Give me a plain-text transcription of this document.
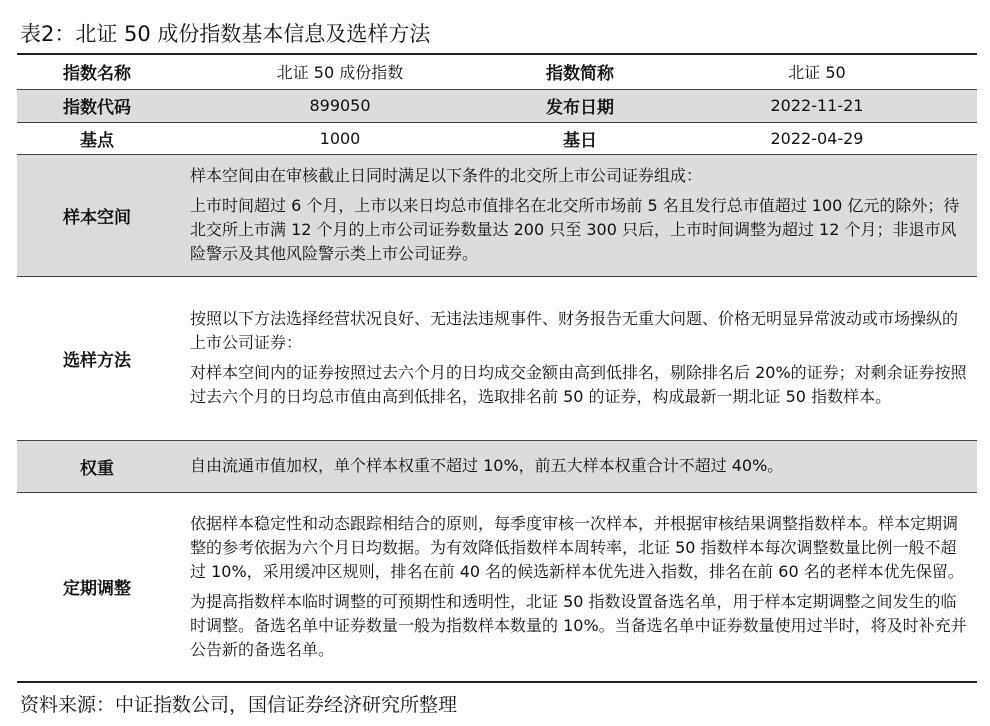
表2：北证 50 成份指数基本信息及选样方法
指数名称	北证 50 成份指数	指数简称	北证 50
指数代码	899050	发布日期	2022-11-21
基点	1000	基日	2022-04-29
样本空间	样本空间由在审核截止日同时满足以下条件的北交所上市公司证券组成：

上市时间超过 6 个月，上市以来日均总市值排名在北交所市场前 5 名且发行总市值超过 100 亿元的除外；待北交所上市满 12 个月的上市公司证券数量达 200 只至 300 只后，上市时间调整为超过 12 个月；非退市风险警示及其他风险警示类上市公司证券。		

选样方法	按照以下方法选择经营状况良好、无违法违规事件、财务报告无重大问题、价格无明显异常波动或市场操纵的上市公司证券：

对样本空间内的证券按照过去六个月的日均成交金额由高到低排名，剔除排名后 20%的证券；对剩余证券按照过去六个月的日均总市值由高到低排名，选取排名前 50 的证券，构成最新一期北证 50 指数样本。		

权重	自由流通市值加权，单个样本权重不超过 10%，前五大样本权重合计不超过 40%。		

定期调整	依据样本稳定性和动态跟踪相结合的原则，每季度审核一次样本，并根据审核结果调整指数样本。样本定期调整的参考依据为六个月日均数据。为有效降低指数样本周转率，北证 50 指数样本每次调整数量比例一般不超过 10%，采用缓冲区规则，排名在前 40 名的候选新样本优先进入指数，排名在前 60 名的老样本优先保留。

为提高指数样本临时调整的可预期性和透明性，北证 50 指数设置备选名单，用于样本定期调整之间发生的临时调整。备选名单中证券数量一般为指数样本数量的 10%。当备选名单中证券数量使用过半时，将及时补充并公告新的备选名单。		

资料来源：中证指数公司，国信证券经济研究所整理
